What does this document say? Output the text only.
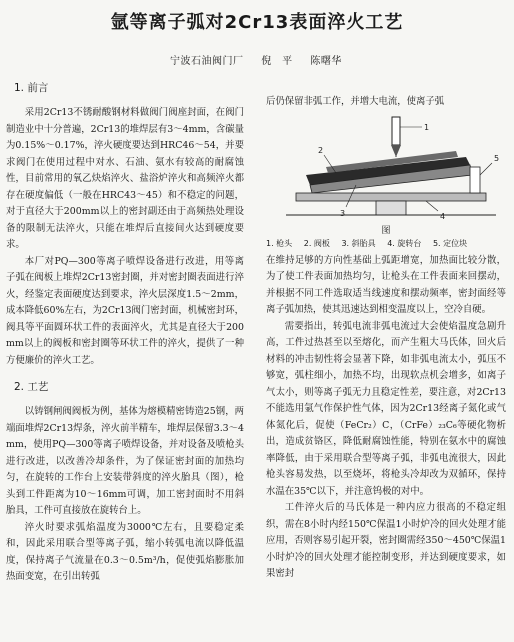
氩等离子弧对2Cr13表面淬火工艺
宁波石油阀门厂 倪　平 陈曙华
1. 前言

采用2Cr13不锈耐酸钢材料做阀门阀座封面，在阀门制造业中十分普遍，2Cr13的堆焊层有3～4mm，含碳量为0.15%～0.17%，淬火硬度要达到HRC46～54，并要求阀门在使用过程中对水、石油、氨水有较高的耐腐蚀性，目前常用的氧乙炔焰淬火、盐浴炉淬火和高频淬火都存在硬度偏低（一般在HRC43～45）和不稳定的问题，对于直径大于200mm以上的密封副还由于高频热处理设备的限制无法淬火，只能在堆焊后直接间火达到硬度要求。

本厂对PQ—300等离子喷焊设备进行改进，用等离子弧在阀板上堆焊2Cr13密封圈，并对密封圈表面进行淬火，经鉴定表面硬度达到要求，淬火层深度1.5～2mm，成本降低60%左右，为2Cr13阀门密封面，机械密封环，阀具等平面圆环状工件的表面淬火，尤其是直径大于200mm以上的阀板和密封圈等环状工件的淬火，提供了一种方便廉价的淬火工艺。

2. 工艺

以铸钢闸阀阀板为例，基体为熔模精密铸造25钢，两端面堆焊2Cr13焊条，淬火前半精车，堆焊层保留3.3～4mm，使用PQ—300等离子喷焊设备，并对设备及喷枪头进行改进，以改善冷却条件，为了保证密封面的加热均匀，在旋转的工作台上安装带斜度的淬火胎具（图），枪头到工件距离为10～16mm可调，加工密封面时不用斜胎具，工件可直接放在旋转台上。

淬火时要求弧焰温度为3000℃左右，且要稳定柔和，因此采用联合型等离子弧，缩小转弧电流以降低温度，保持离子气流量在0.3～0.5m³/h，促使弧焰膨胀加热面变宽，在引出转弧

后仍保留非弧工作，并增大电流，使离子弧

1
2
3	4
5

图

1. 枪头 2. 阀板 3. 斜胎具 4. 旋转台 5. 定位块

在维持足够的方向性基础上弧距增宽，加热面比较分散，为了使工件表面加热均匀，让枪头在工件表面来回摆动，并根据不同工件选取适当线速度和摆动频率，密封面经等离子弧加热，使其迅速达到相变温度以上，空冷自硬。

需要指出，转弧电流非弧电流过大会使焰温度急剧升高，工件过热甚至以至熔化，而产生粗大马氏体，回火后材料的冲击韧性将会显著下降，如非弧电流太小，弧压不够宽，弧柱细小，加热不均，出现软点机会增多，如离子气太小，则等离子弧无力且稳定性差，要注意，对2Cr13不能选用氩气作保护性气体，因为2Cr13经离子氮化或气体氮化后，促使（FeCr₂）C，（CrFe）₂₃C₆等硬化物析出，造成贫铬区，降低耐腐蚀性能，特别在氨水中的腐蚀率降低，由于采用联合型等离子弧，非弧电流很大，因此枪头容易发热，以至烧坏，将枪头冷却改为双循环，保持水温在35℃以下，并注意钨极的对中。

工件淬火后的马氏体是一种内应力很高的不稳定组织，需在8小时内经150℃保温1小时炉冷的回火处理才能应用，否则容易引起开裂，密封圈需经350～450℃保温1小时炉冷的回火处理才能控制变形，并达到硬度要求，如果密封
